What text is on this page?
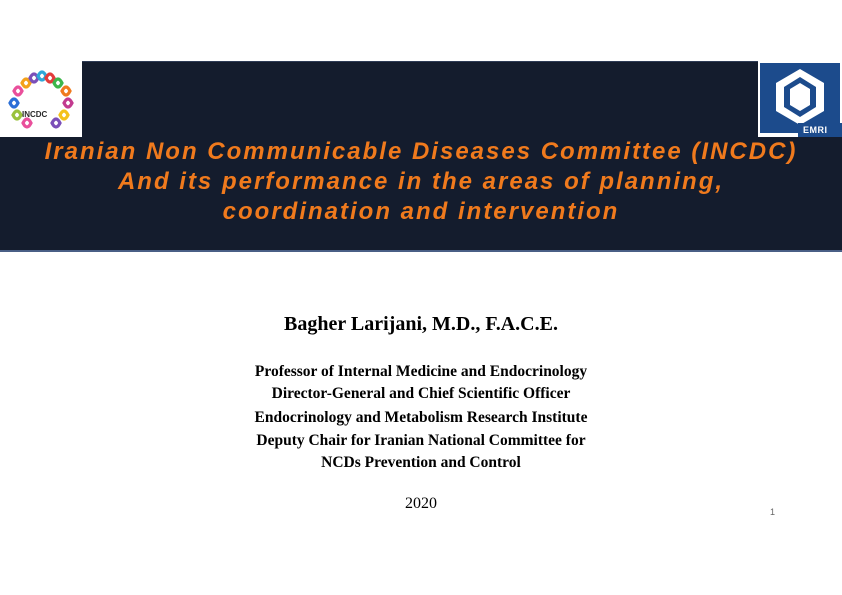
Iranian Non Communicable Diseases Committee (INCDC) And its performance in the areas of planning, coordination and intervention
INCDC
EMRI
Bagher Larijani, M.D., F.A.C.E.
Professor of Internal Medicine and Endocrinology
Director-General and Chief Scientific Officer
Endocrinology and Metabolism Research Institute
Deputy Chair for Iranian National Committee for
NCDs Prevention and Control
2020	1
